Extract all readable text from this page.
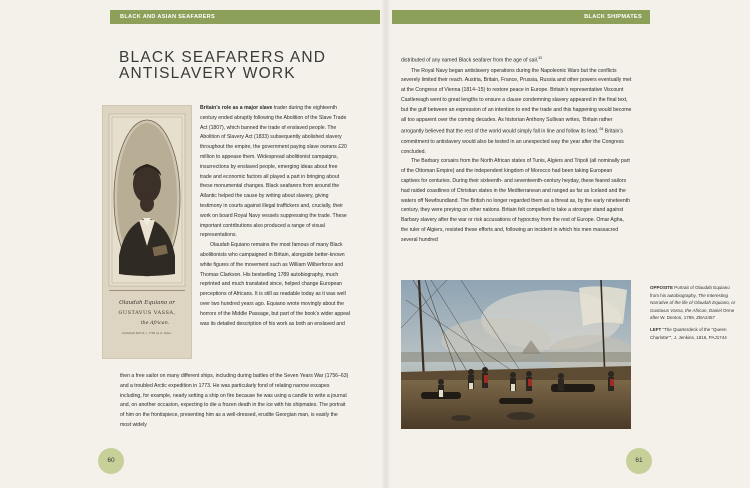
BLACK AND ASIAN SEAFARERS	BLACK SHIPMATES
BLACK SEAFARERS AND
ANTISLAVERY WORK
Olaudah Equiano or
GUSTAVUS VASSA,
the African.
Published March 1, 1789 by G. Vassa.

Britain’s role as a major slave trader during the eighteenth century ended abruptly following the Abolition of the Slave Trade Act (1807), which banned the trade of enslaved people. The Abolition of Slavery Act (1833) subsequently abolished slavery throughout the empire, the government paying slave owners £20 million to appease them. Widespread abolitionist campaigns, insurrections by enslaved people, emerging ideas about free trade and economic factors all played a part in bringing about these monumental changes. Black seafarers from around the Atlantic helped the cause by writing about slavery, giving testimony in courts against illegal traffickers and, crucially, their work on board Royal Navy vessels suppressing the trade. These important contributions also produced a range of visual representations.

Olaudah Equiano remains the most famous of many Black abolitionists who campaigned in Britain, alongside better-known white figures of the movement such as William Wilberforce and Thomas Clarkson. His bestselling 1789 autobiography, much reprinted and much translated since, helped change European perceptions of Africans. It is still as readable today as it was well over two hundred years ago. Equiano wrote movingly about the horrors of the Middle Passage, but part of the book’s wider appeal was its detailed description of his work as both an enslaved and

then a free sailor on many different ships, including during battles of the Seven Years War (1756–63) and a troubled Arctic expedition in 1773. He was particularly fond of relating narrow escapes including, for example, nearly setting a ship on fire because he was using a candle to write a journal and, on another occasion, expecting to die a frozen death in the ice with his shipmates. The portrait of him on the frontispiece, presenting him as a well-dressed, erudite Georgian man, is easily the most widely

distributed of any named Black seafarer from the age of sail.$^{33}$

The Royal Navy began antislavery operations during the Napoleonic Wars but the conflicts severely limited their reach. Austria, Britain, France, Prussia, Russia and other powers eventually met at the Congress of Vienna (1814–15) to restore peace in Europe. Britain’s representative Viscount Castlereagh went to great lengths to ensure a clause condemning slavery appeared in the final text, but the gulf between an expression of an intention to end the trade and this happening would become all too apparent over the coming decades. As historian Anthony Sullivan writes, ‘Britain rather arrogantly believed that the rest of the world would simply fall in line and follow its lead.’$^{34}$ Britain’s commitment to antislavery would also be tested in an unexpected way the year after the Congress concluded.

The Barbary corsairs from the North African states of Tunis, Algiers and Tripoli (all nominally part of the Ottoman Empire) and the independent kingdom of Morocco had been taking European captives for centuries. During their sixteenth- and seventeenth-century heyday, these feared sailors had raided coastlines of Christian states in the Mediterranean and ranged as far as Iceland and the waters off Newfoundland. The British no longer regarded them as a threat as, by the early nineteenth century, they were preying on other nations. Britain felt compelled to take a stronger stand against Barbary slavery after the war or risk accusations of hypocrisy from the rest of Europe. Omar Agha, the ruler of Algiers, resisted these efforts and, following an incident in which his men massacred several hundred

OPPOSITE Portrait of Olaudah Equiano from his autobiography, The Interesting Narrative of the life of Olaudah Equiano, or Gustavus Vassa, the African, Daniel Orme after W. Denton, 1789, ZBA2457

LEFT “The Quarterdeck of the “Queen Charlotte””, J. Jenkins, 1816, PAJ1744

60	61
